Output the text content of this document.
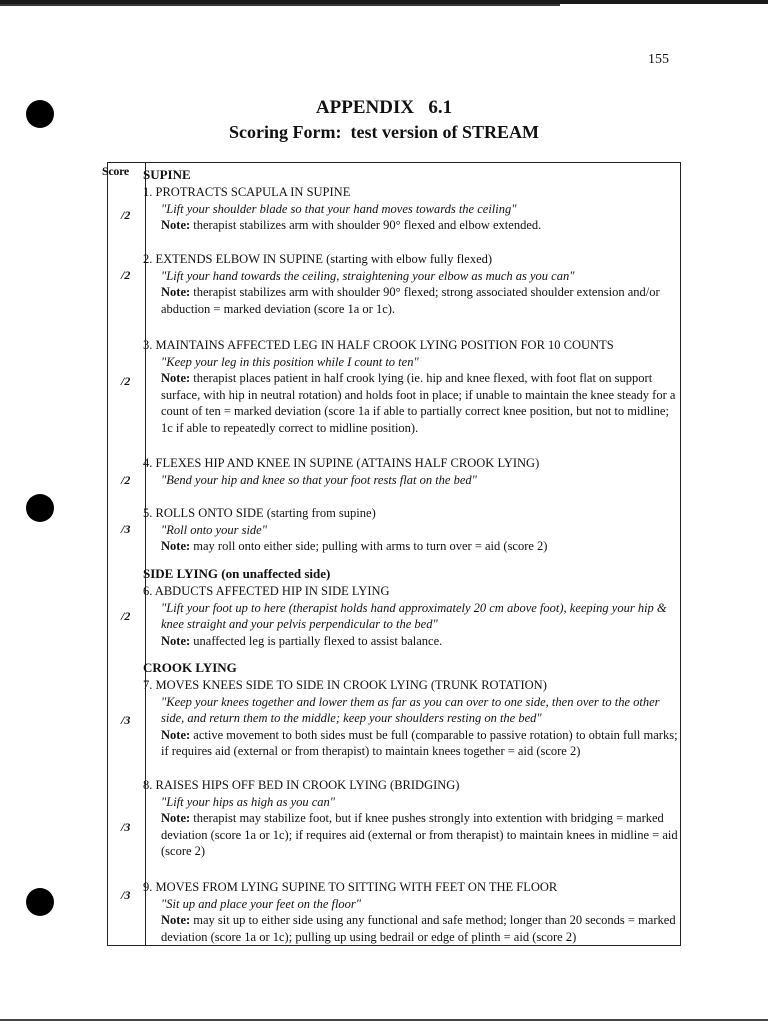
155
APPENDIX   6.1
Scoring Form:  test version of STREAM
Score SUPINE
1. PROTRACTS SCAPULA IN SUPINE
"Lift your shoulder blade so that your hand moves towards the ceiling"
Note: therapist stabilizes arm with shoulder 90° flexed and elbow extended.
/2
2. EXTENDS ELBOW IN SUPINE (starting with elbow fully flexed)
"Lift your hand towards the ceiling, straightening your elbow as much as you can"
Note: therapist stabilizes arm with shoulder 90° flexed; strong associated shoulder extension and/or abduction = marked deviation (score 1a or 1c).
/2
3. MAINTAINS AFFECTED LEG IN HALF CROOK LYING POSITION FOR 10 COUNTS
"Keep your leg in this position while I count to ten"
Note: therapist places patient in half crook lying (ie. hip and knee flexed, with foot flat on support surface, with hip in neutral rotation) and holds foot in place; if unable to maintain the knee steady for a count of ten = marked deviation (score 1a if able to partially correct knee position, but not to midline; 1c if able to repeatedly correct to midline position).
/2
4. FLEXES HIP AND KNEE IN SUPINE (ATTAINS HALF CROOK LYING)
"Bend your hip and knee so that your foot rests flat on the bed"
/2
5. ROLLS ONTO SIDE (starting from supine)
"Roll onto your side"
Note: may roll onto either side; pulling with arms to turn over = aid (score 2)
/3
SIDE LYING (on unaffected side)
6. ABDUCTS AFFECTED HIP IN SIDE LYING
"Lift your foot up to here (therapist holds hand approximately 20 cm above foot), keeping your hip & knee straight and your pelvis perpendicular to the bed"
Note: unaffected leg is partially flexed to assist balance.
/2
CROOK LYING
7. MOVES KNEES SIDE TO SIDE IN CROOK LYING (TRUNK ROTATION)
"Keep your knees together and lower them as far as you can over to one side, then over to the other side, and return them to the middle; keep your shoulders resting on the bed"
Note: active movement to both sides must be full (comparable to passive rotation) to obtain full marks; if requires aid (external or from therapist) to maintain knees together = aid (score 2)
/3
8. RAISES HIPS OFF BED IN CROOK LYING (BRIDGING)
"Lift your hips as high as you can"
Note: therapist may stabilize foot, but if knee pushes strongly into extention with bridging = marked deviation (score 1a or 1c); if requires aid (external or from therapist) to maintain knees in midline = aid (score 2)
/3
9. MOVES FROM LYING SUPINE TO SITTING WITH FEET ON THE FLOOR
"Sit up and place your feet on the floor"
Note: may sit up to either side using any functional and safe method; longer than 20 seconds = marked deviation (score 1a or 1c); pulling up using bedrail or edge of plinth = aid (score 2)
/3
